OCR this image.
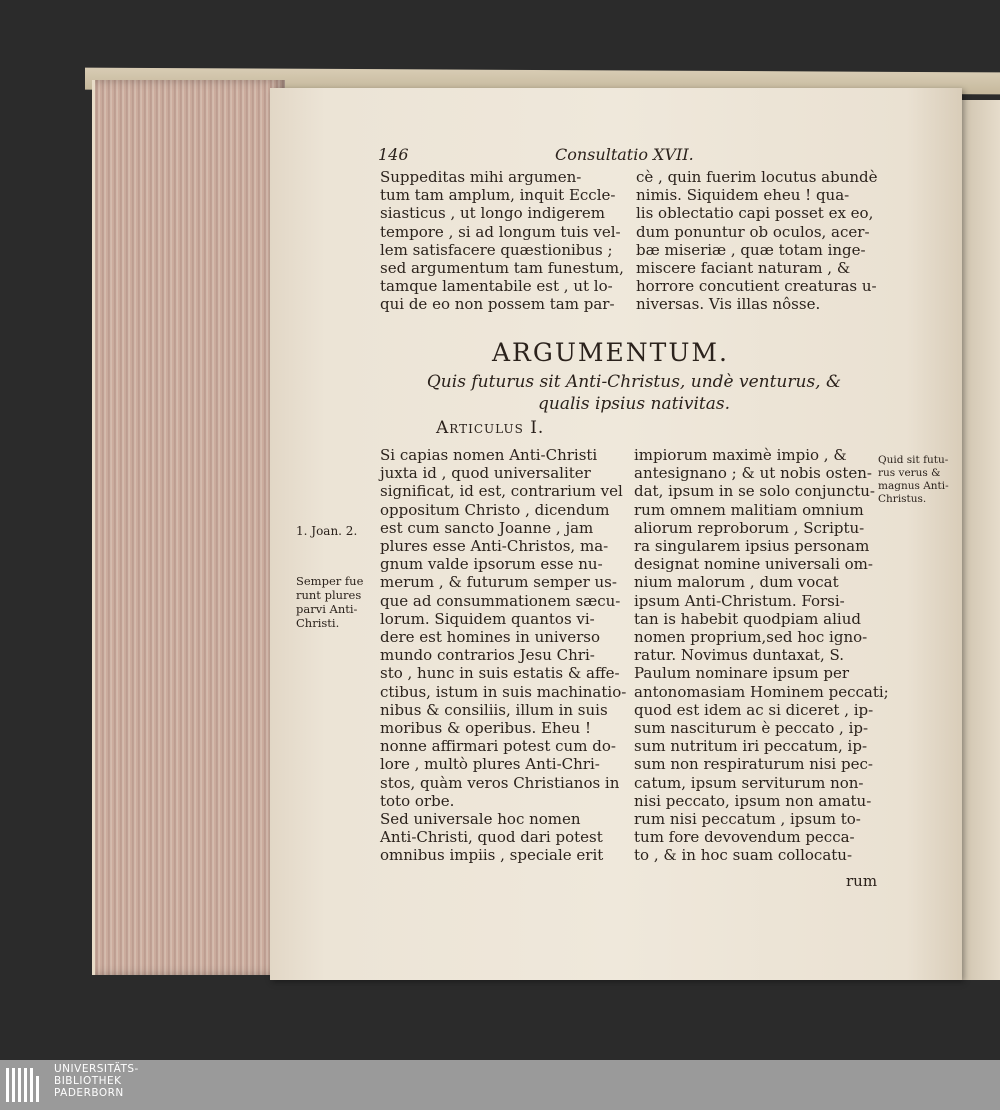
146	Consultatio XVII.
Suppeditas mihi argumen-
tum tam amplum, inquit Eccle-
siasticus , ut longo indigerem
tempore , si ad longum tuis vel-
lem satisfacere quæstionibus ;
sed argumentum tam funestum,
tamque lamentabile est , ut lo-
qui de eo non possem tam par-
cè , quin fuerim locutus abundè
nimis. Siquidem eheu ! qua-
lis oblectatio capi posset ex eo,
dum ponuntur ob oculos, acer-
bæ miseriæ , quæ totam inge-
miscere faciant naturam , &
horrore concutient creaturas u-
niversas. Vis illas nôsse.
ARGUMENTUM.
Quis futurus sit Anti-Christus, undè venturus, & qualis ipsius nativitas.
Articulus I.
Si capias nomen Anti-Christi
juxta id , quod universaliter
significat, id est, contrarium vel
oppositum Christo , dicendum
est cum sancto Joanne , jam
plures esse Anti-Christos, ma-
gnum valde ipsorum esse nu-
merum , & futurum semper us-
que ad consummationem sæcu-
lorum. Siquidem quantos vi-
dere est homines in universo
mundo contrarios Jesu Chri-
sto , hunc in suis estatis & affe-
ctibus, istum in suis machinatio-
nibus & consiliis, illum in suis
moribus & operibus. Eheu !
nonne affirmari potest cum do-
lore , multò plures Anti-Chri-
stos, quàm veros Christianos in
toto orbe.
Sed universale hoc nomen
Anti-Christi, quod dari potest
omnibus impiis , speciale erit
impiorum maximè impio , &
antesignano ; & ut nobis osten-
dat, ipsum in se solo conjunctu-
rum omnem malitiam omnium
aliorum reproborum , Scriptu-
ra singularem ipsius personam
designat nomine universali om-
nium malorum , dum vocat
ipsum Anti-Christum. Forsi-
tan is habebit quodpiam aliud
nomen proprium,sed hoc igno-
ratur. Novimus duntaxat, S.
Paulum nominare ipsum per
antonomasiam Hominem peccati;
quod est idem ac si diceret , ip-
sum nasciturum è peccato , ip-
sum nutritum iri peccatum, ip-
sum non respiraturum nisi pec-
catum, ipsum serviturum non-
nisi peccato, ipsum non amatu-
rum nisi peccatum , ipsum to-
tum fore devovendum pecca-
to , & in hoc suam collocatu-
rum
1. Joan. 2.
Semper fue
runt plures
parvi Anti-
Christi.
Quid sit futu-
rus verus &
magnus Anti-
Christus.
UNIVERSITÄTS-
BIBLIOTHEK
PADERBORN
